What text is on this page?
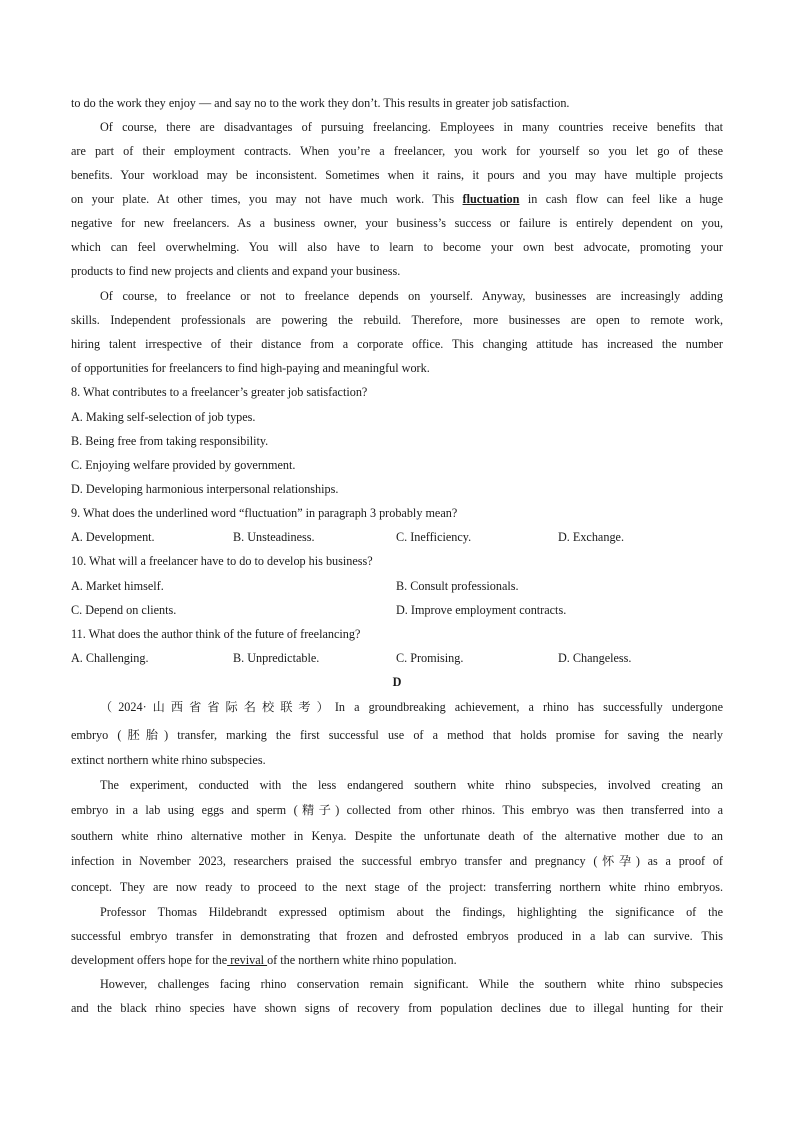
to do the work they enjoy — and say no to the work they don’t. This results in greater job satisfaction.
Of course, there are disadvantages of pursuing freelancing. Employees in many countries receive benefits that
are part of their employment contracts. When you’re a freelancer, you work for yourself so you let go of these
benefits. Your workload may be inconsistent. Sometimes when it rains, it pours and you may have multiple projects
on your plate. At other times, you may not have much work. This fluctuation in cash flow can feel like a huge
negative for new freelancers. As a business owner, your business’s success or failure is entirely dependent on you,
which can feel overwhelming. You will also have to learn to become your own best advocate, promoting your
products to find new projects and clients and expand your business.
Of course, to freelance or not to freelance depends on yourself. Anyway, businesses are increasingly adding
skills. Independent professionals are powering the rebuild. Therefore, more businesses are open to remote work,
hiring talent irrespective of their distance from a corporate office. This changing attitude has increased the number
of opportunities for freelancers to find high-paying and meaningful work.
8. What contributes to a freelancer’s greater job satisfaction?
A. Making self-selection of job types.
B. Being free from taking responsibility.
C. Enjoying welfare provided by government.
D. Developing harmonious interpersonal relationships.
9. What does the underlined word “fluctuation” in paragraph 3 probably mean?
A. Development.	B. Unsteadiness.	C. Inefficiency.	D. Exchange.
10. What will a freelancer have to do to develop his business?
A. Market himself.	B. Consult professionals.
C. Depend on clients.	D. Improve employment contracts.
11. What does the author think of the future of freelancing?
A. Challenging.	B. Unpredictable.	C. Promising.	D. Changeless.
D
（2024·山西省省际名校联考）In a groundbreaking achievement, a rhino has successfully undergone
embryo (胚胎) transfer, marking the first successful use of a method that holds promise for saving the nearly
extinct northern white rhino subspecies.
The experiment, conducted with the less endangered southern white rhino subspecies, involved creating an
embryo in a lab using eggs and sperm (精子) collected from other rhinos. This embryo was then transferred into a
southern white rhino alternative mother in Kenya. Despite the unfortunate death of the alternative mother due to an
infection in November 2023, researchers praised the successful embryo transfer and pregnancy (怀孕) as a proof of
concept. They are now ready to proceed to the next stage of the project: transferring northern white rhino embryos.
Professor Thomas Hildebrandt expressed optimism about the findings, highlighting the significance of the
successful embryo transfer in demonstrating that frozen and defrosted embryos produced in a lab can survive. This
development offers hope for the revival of the northern white rhino population.
However, challenges facing rhino conservation remain significant. While the southern white rhino subspecies
and the black rhino species have shown signs of recovery from population declines due to illegal hunting for their
